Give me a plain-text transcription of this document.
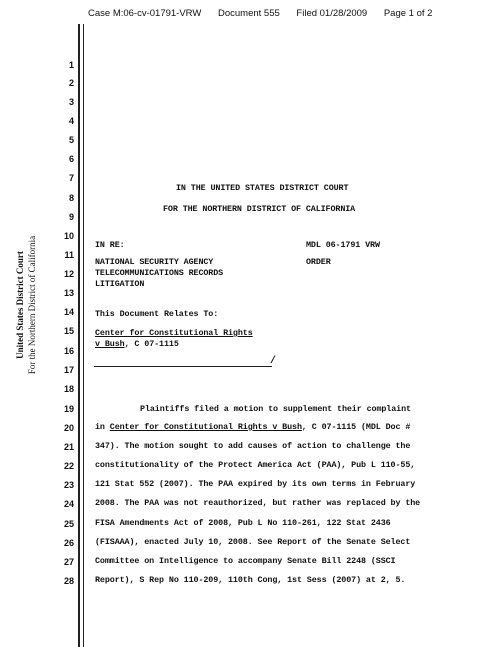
Case M:06-cv-01791-VRW Document 555 Filed 01/28/2009 Page 1 of 2
United States District Court For the Northern District of California
1
2
3
4
5
6
7
8
9
10
11
12
13
14
15
16
17
18
19
20
21
22
23
24
25
26
27
28
IN THE UNITED STATES DISTRICT COURT
FOR THE NORTHERN DISTRICT OF CALIFORNIA
IN RE:	MDL 06-1791 VRW
NATIONAL SECURITY AGENCY	ORDER
TELECOMMUNICATIONS RECORDS
LITIGATION
This Document Relates To:
Center for Constitutional Rights
v Bush, C 07-1115
/
Plaintiffs filed a motion to supplement their complaint
in Center for Constitutional Rights v Bush, C 07-1115 (MDL Doc #
347). The motion sought to add causes of action to challenge the
constitutionality of the Protect America Act (PAA), Pub L 110-55,
121 Stat 552 (2007). The PAA expired by its own terms in February
2008. The PAA was not reauthorized, but rather was replaced by the
FISA Amendments Act of 2008, Pub L No 110-261, 122 Stat 2436
(FISAAA), enacted July 10, 2008. See Report of the Senate Select
Committee on Intelligence to accompany Senate Bill 2248 (SSCI
Report), S Rep No 110-209, 110th Cong, 1st Sess (2007) at 2, 5.
